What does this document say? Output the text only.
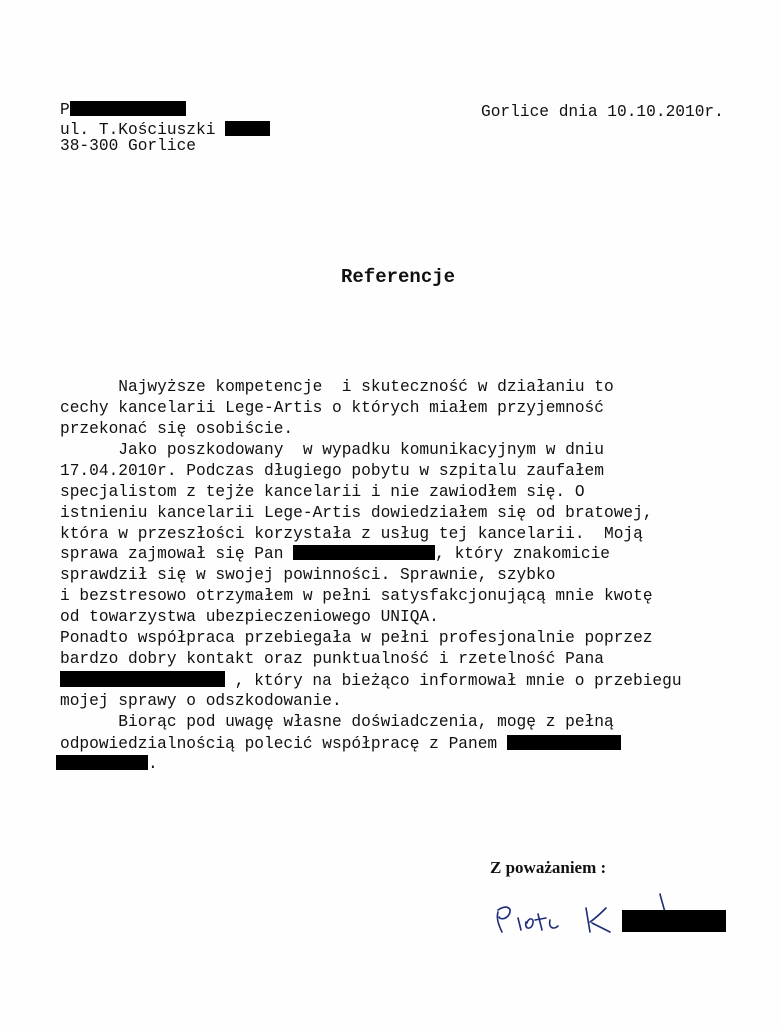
P
ul. T.Kościuszki
38-300 Gorlice
Gorlice dnia 10.10.2010r.
Referencje
Najwyższe kompetencje  i skuteczność w działaniu to
cechy kancelarii Lege-Artis o których miałem przyjemność
przekonać się osobiście.
Jako poszkodowany  w wypadku komunikacyjnym w dniu
17.04.2010r. Podczas długiego pobytu w szpitalu zaufałem
specjalistom z tejże kancelarii i nie zawiodłem się. O
istnieniu kancelarii Lege-Artis dowiedziałem się od bratowej,
która w przeszłości korzystała z usług tej kancelarii.  Moją
sprawa zajmował się Pan	, który znakomicie
sprawdził się w swojej powinności. Sprawnie, szybko
i bezstresowo otrzymałem w pełni satysfakcjonującą mnie kwotę
od towarzystwa ubezpieczeniowego UNIQA.
Ponadto współpraca przebiegała w pełni profesjonalnie poprzez
bardzo dobry kontakt oraz punktualność i rzetelność Pana
, który na bieżąco informował mnie o przebiegu
mojej sprawy o odszkodowanie.
Biorąc pod uwagę własne doświadczenia, mogę z pełną
odpowiedzialnością polecić współpracę z Panem
.
Z poważaniem :
